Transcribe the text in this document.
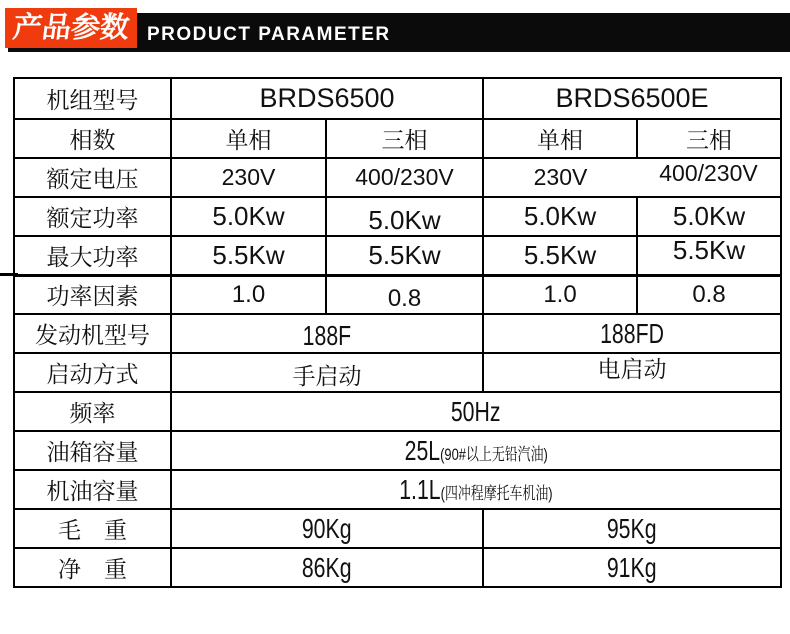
PRODUCT PARAMETER
产品参数
机组型号	BRDS6500		BRDS6500E	
相数	单相	三相	单相	三相
额定电压	230V	400/230V	230V	400/230V
额定功率	5.0Kw	5.0Kw	5.0Kw	5.0Kw
最大功率	5.5Kw	5.5Kw	5.5Kw	5.5Kw
功率因素	1.0	0.8	1.0	0.8
发动机型号	188F		188FD	
启动方式	手启动		电启动	
频率	50Hz			
油箱容量	25L(90#以上无铅汽油)			
机油容量	1.1L(四冲程摩托车机油)			
毛　重	90Kg		95Kg	
净　重	86Kg		91Kg	
